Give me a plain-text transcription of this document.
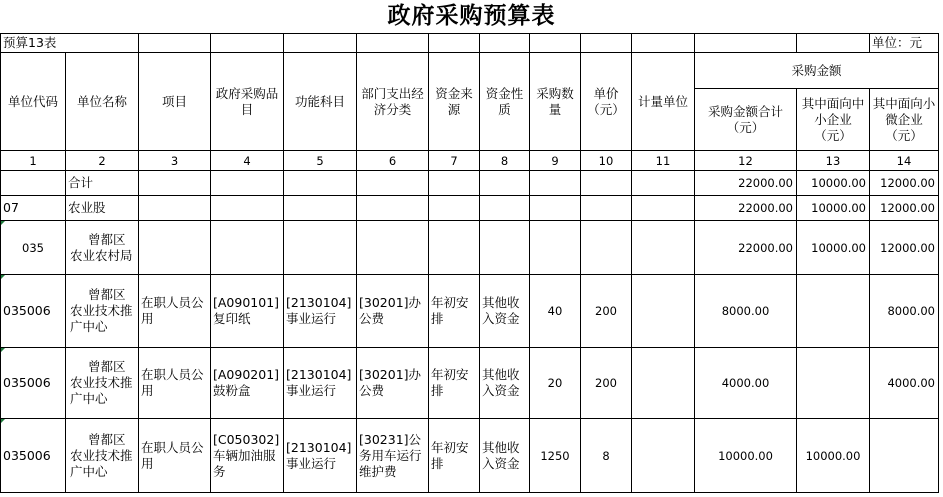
政府采购预算表
预算13表													单位：元
单位代码	单位名称	项目	政府采购品目	功能科目	部门支出经济分类	资金来源	资金性质	采购数量	单价（元）	计量单位	采购金额		
											采购金额合计（元）	其中面向中小企业（元）	其中面向小微企业（元）
1	2	3	4	5	6	7	8	9	10	11	12	13	14
	合计										22000.00	10000.00	12000.00
07	农业股										22000.00	10000.00	12000.00
035	曾都区农业农村局										22000.00	10000.00	12000.00
035006	曾都区农业技术推广中心	在职人员公用	[A090101]复印纸	[2130104]事业运行	[30201]办公费	年初安排	其他收入资金	40	200		8000.00		8000.00
035006	曾都区农业技术推广中心	在职人员公用	[A090201]鼓粉盒	[2130104]事业运行	[30201]办公费	年初安排	其他收入资金	20	200		4000.00		4000.00
035006	曾都区农业技术推广中心	在职人员公用	[C050302]车辆加油服务	[2130104]事业运行	[30231]公务用车运行维护费	年初安排	其他收入资金	1250	8		10000.00	10000.00	
